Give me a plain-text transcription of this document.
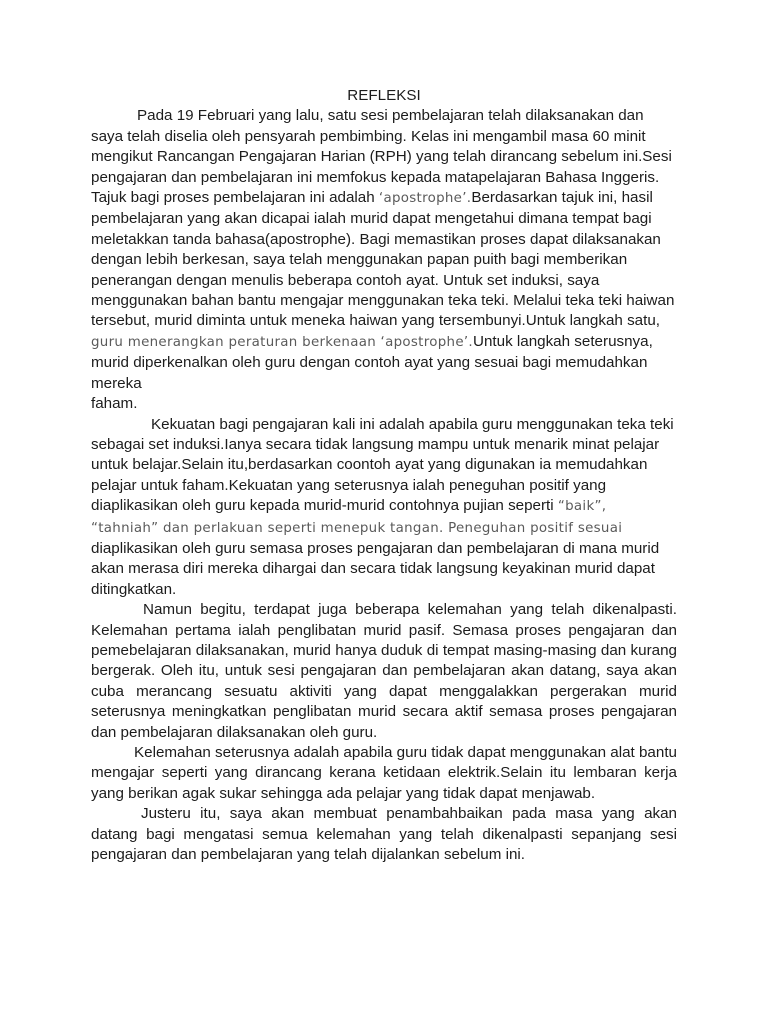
REFLEKSI

Pada 19 Februari yang lalu, satu sesi pembelajaran telah dilaksanakan dan saya telah diselia oleh pensyarah pembimbing. Kelas ini mengambil masa 60 minit mengikut Rancangan Pengajaran Harian (RPH) yang telah dirancang sebelum ini.Sesi pengajaran dan pembelajaran ini memfokus kepada matapelajaran Bahasa Inggeris. Tajuk bagi proses pembelajaran ini adalah ‘apostrophe’.Berdasarkan tajuk ini, hasil pembelajaran yang akan dicapai ialah murid dapat mengetahui dimana tempat bagi meletakkan tanda bahasa(apostrophe). Bagi memastikan proses dapat dilaksanakan dengan lebih berkesan, saya telah menggunakan papan puith bagi memberikan penerangan dengan menulis beberapa contoh ayat. Untuk set induksi, saya menggunakan bahan bantu mengajar menggunakan teka teki. Melalui teka teki haiwan tersebut, murid diminta untuk meneka haiwan yang tersembunyi.Untuk langkah satu, guru menerangkan peraturan berkenaan ‘apostrophe’.Untuk langkah seterusnya, murid diperkenalkan oleh guru dengan contoh ayat yang sesuai bagi memudahkan mereka
faham.

Kekuatan bagi pengajaran kali ini adalah apabila guru menggunakan teka teki sebagai set induksi.Ianya secara tidak langsung mampu untuk menarik minat pelajar untuk belajar.Selain itu,berdasarkan coontoh ayat yang digunakan ia memudahkan pelajar untuk faham.Kekuatan yang seterusnya ialah peneguhan positif yang diaplikasikan oleh guru kepada murid-murid contohnya pujian seperti “baik”, “tahniah” dan perlakuan seperti menepuk tangan. Peneguhan positif sesuai diaplikasikan oleh guru semasa proses pengajaran dan pembelajaran di mana murid akan merasa diri mereka dihargai dan secara tidak langsung keyakinan murid dapat ditingkatkan.

Namun begitu, terdapat juga beberapa kelemahan yang telah dikenalpasti. Kelemahan pertama ialah penglibatan murid pasif. Semasa proses pengajaran dan pemebelajaran dilaksanakan, murid hanya duduk di tempat masing-masing dan kurang bergerak. Oleh itu, untuk sesi pengajaran dan pembelajaran akan datang, saya akan cuba merancang sesuatu aktiviti yang dapat menggalakkan pergerakan murid seterusnya meningkatkan penglibatan murid secara aktif semasa proses pengajaran dan pembelajaran dilaksanakan oleh guru.

Kelemahan seterusnya adalah apabila guru tidak dapat menggunakan alat bantu mengajar seperti yang dirancang kerana ketidaan elektrik.Selain itu lembaran kerja yang berikan agak sukar sehingga ada pelajar yang tidak dapat menjawab.

Justeru itu, saya akan membuat penambahbaikan pada masa yang akan datang bagi mengatasi semua kelemahan yang telah dikenalpasti sepanjang sesi pengajaran dan pembelajaran yang telah dijalankan sebelum ini.
